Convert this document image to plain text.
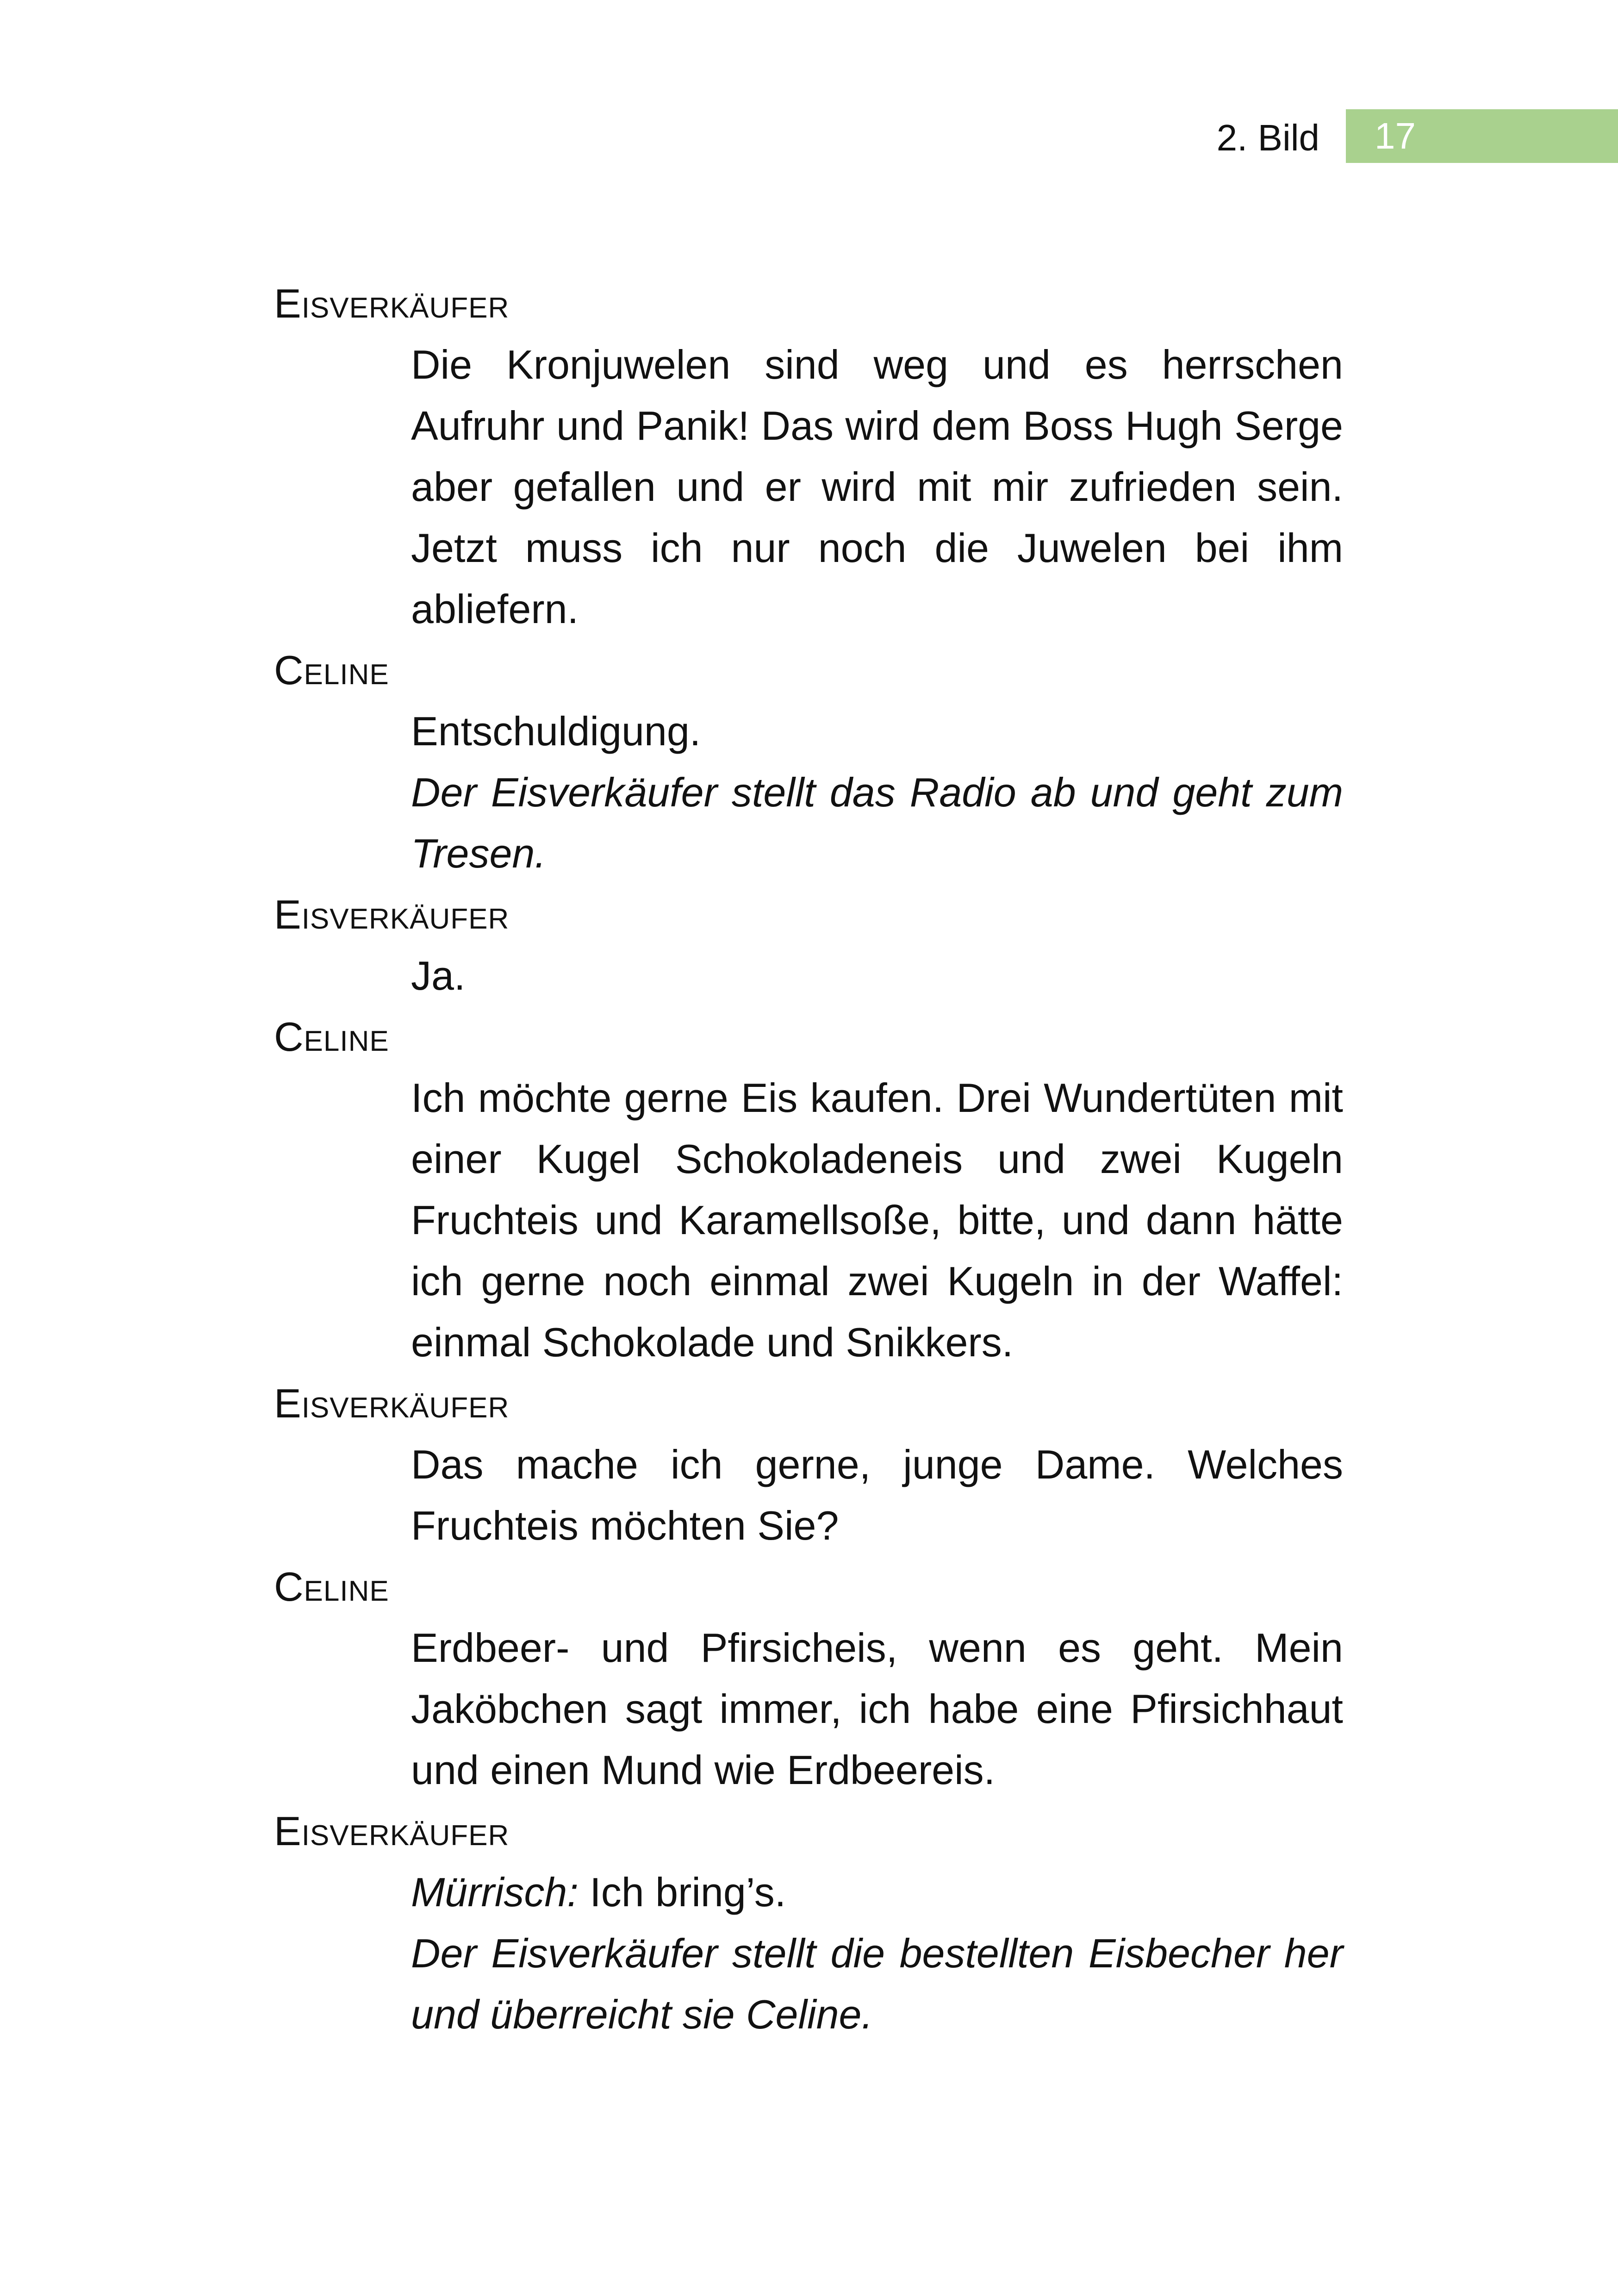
2. Bild	17
Eisverkäufer

Die Kronjuwelen sind weg und es herrschen Aufruhr und Panik! Das wird dem Boss Hugh Serge aber gefallen und er wird mit mir zufrieden sein. Jetzt muss ich nur noch die Juwelen bei ihm abliefern.

Celine

Entschuldigung.

Der Eisverkäufer stellt das Radio ab und geht zum Tresen.

Eisverkäufer

Ja.

Celine

Ich möchte gerne Eis kaufen. Drei Wundertüten mit einer Kugel Schokoladeneis und zwei Kugeln Fruchteis und Karamellsoße, bitte, und dann hätte ich gerne noch einmal zwei Kugeln in der Waffel: einmal Schokolade und Snikkers.

Eisverkäufer

Das mache ich gerne, junge Dame. Welches Fruchteis möchten Sie?

Celine

Erdbeer- und Pfirsicheis, wenn es geht. Mein Jaköbchen sagt immer, ich habe eine Pfirsichhaut und einen Mund wie Erdbeereis.

Eisverkäufer

Mürrisch: Ich bring’s.

Der Eisverkäufer stellt die bestellten Eisbecher her und überreicht sie Celine.
